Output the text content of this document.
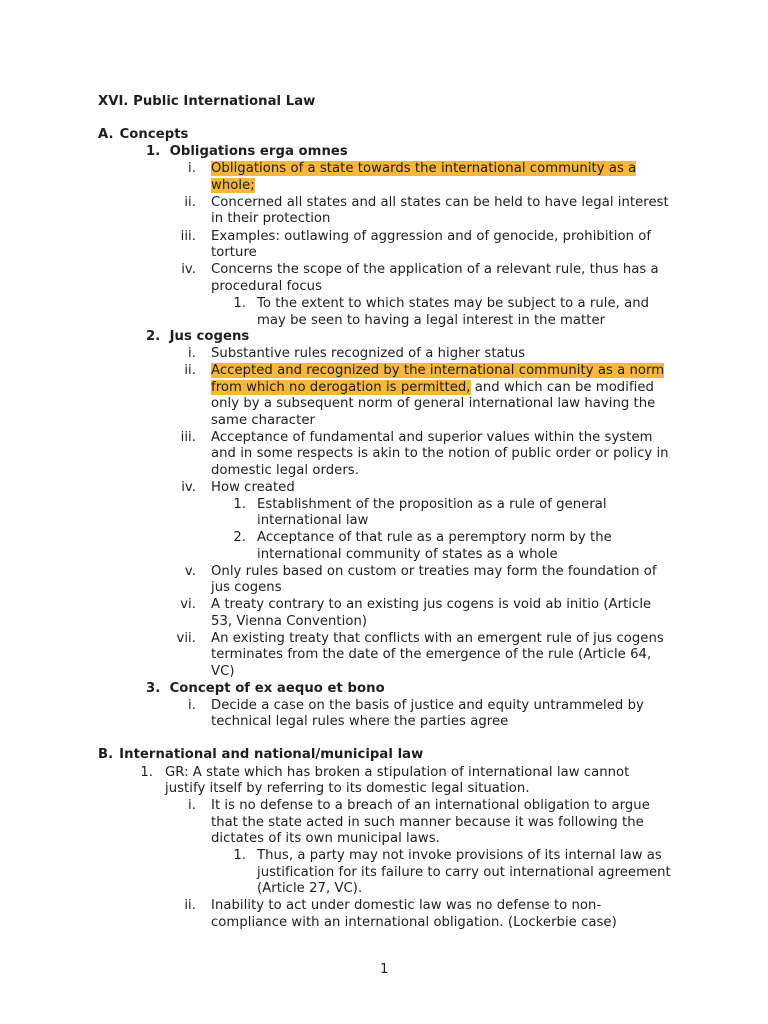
XVI. Public International Law
A. Concepts
1.  Obligations erga omnes
i. Obligations of a state towards the international community as a
whole;
ii. Concerned all states and all states can be held to have legal interest
in their protection
iii. Examples: outlawing of aggression and of genocide, prohibition of
torture
iv. Concerns the scope of the application of a relevant rule, thus has a
procedural focus
1. To the extent to which states may be subject to a rule, and
may be seen to having a legal interest in the matter
2.  Jus cogens
i. Substantive rules recognized of a higher status
ii. Accepted and recognized by the international community as a norm
from which no derogation is permitted, and which can be modified
only by a subsequent norm of general international law having the
same character
iii. Acceptance of fundamental and superior values within the system
and in some respects is akin to the notion of public order or policy in
domestic legal orders.
iv. How created
1. Establishment of the proposition as a rule of general
international law
2. Acceptance of that rule as a peremptory norm by the
international community of states as a whole
v. Only rules based on custom or treaties may form the foundation of
jus cogens
vi. A treaty contrary to an existing jus cogens is void ab initio (Article
53, Vienna Convention)
vii. An existing treaty that conflicts with an emergent rule of jus cogens
terminates from the date of the emergence of the rule (Article 64,
VC)
3.  Concept of ex aequo et bono
i. Decide a case on the basis of justice and equity untrammeled by
technical legal rules where the parties agree
B. International and national/municipal law
1. GR: A state which has broken a stipulation of international law cannot
justify itself by referring to its domestic legal situation.
i. It is no defense to a breach of an international obligation to argue
that the state acted in such manner because it was following the
dictates of its own municipal laws.
1. Thus, a party may not invoke provisions of its internal law as
justification for its failure to carry out international agreement
(Article 27, VC).
ii. Inability to act under domestic law was no defense to non-
compliance with an international obligation. (Lockerbie case)
1
